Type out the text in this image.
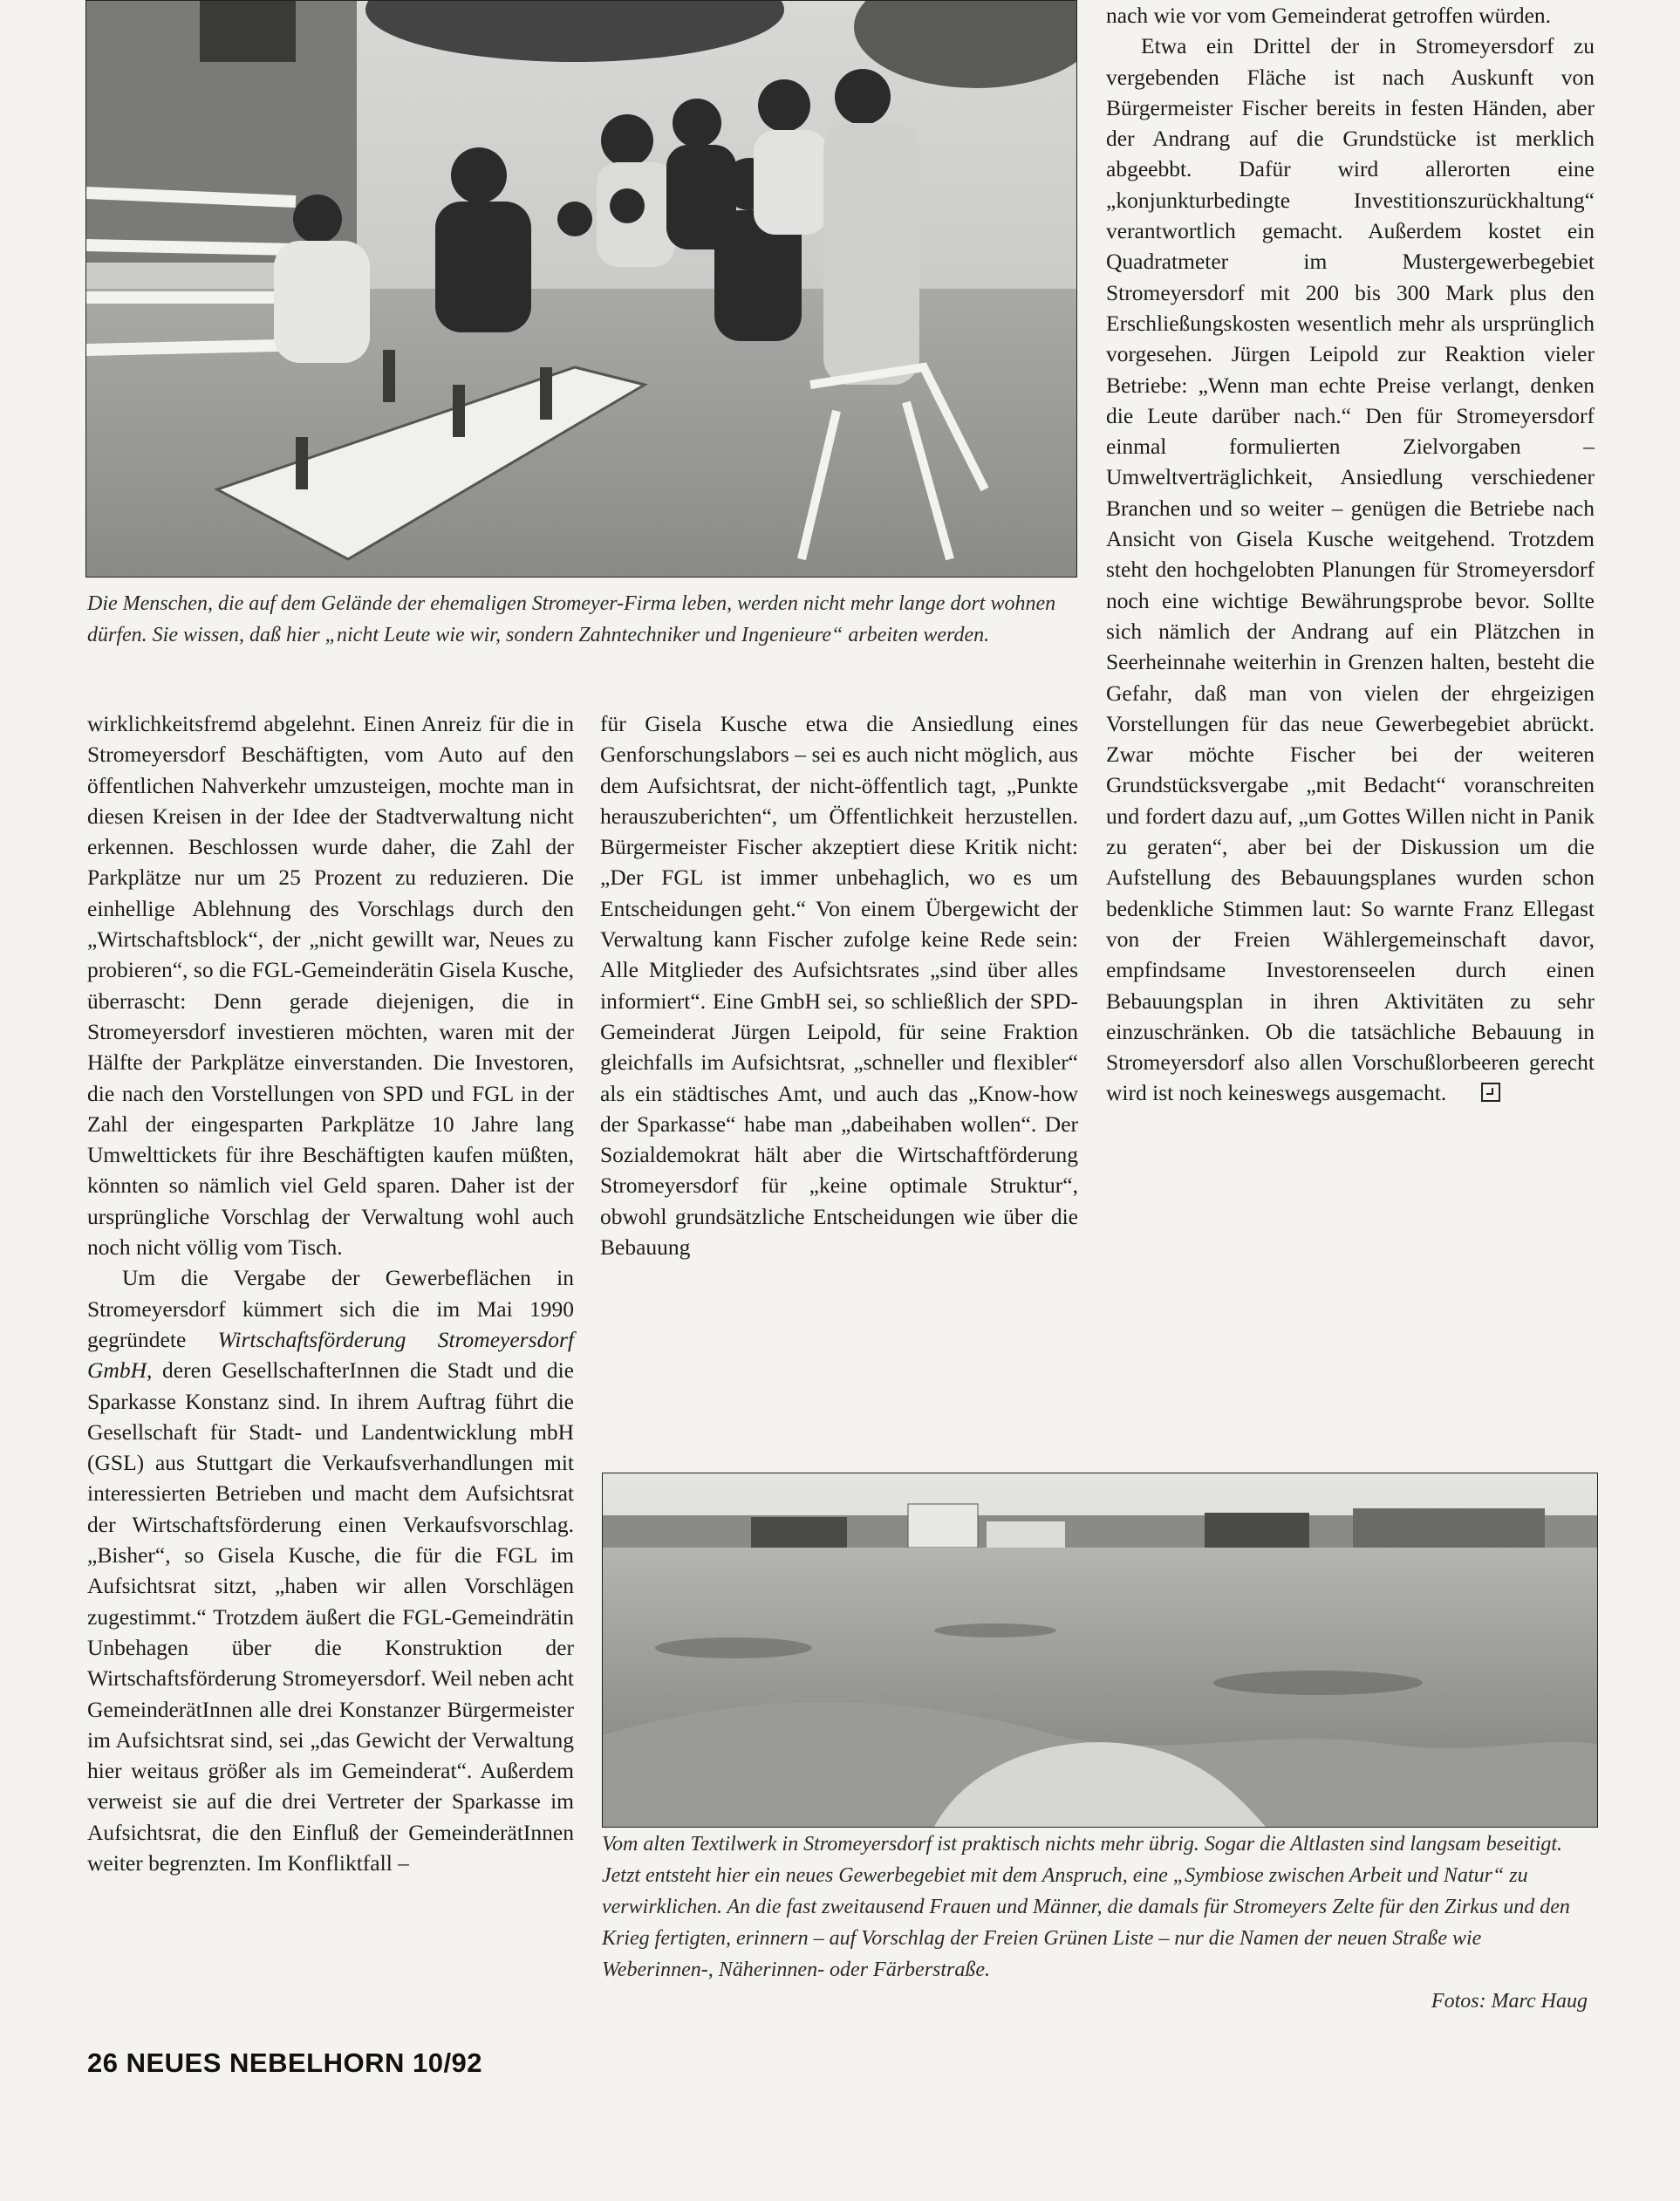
Die Menschen, die auf dem Gelände der ehemaligen Stromeyer-Firma leben, werden nicht mehr lange dort wohnen dürfen. Sie wissen, daß hier „nicht Leute wie wir, sondern Zahntechniker und Ingenieure“ arbeiten werden.

nach wie vor vom Gemeinderat getroffen würden.

Etwa ein Drittel der in Stromeyersdorf zu vergebenden Fläche ist nach Auskunft von Bürgermeister Fischer bereits in festen Händen, aber der Andrang auf die Grundstücke ist merklich abgeebbt. Dafür wird allerorten eine „konjunkturbedingte Investitionszurückhaltung“ verantwortlich gemacht. Außerdem kostet ein Quadratmeter im Mustergewerbegebiet Stromeyersdorf mit 200 bis 300 Mark plus den Erschließungskosten wesentlich mehr als ursprünglich vorgesehen. Jürgen Leipold zur Reaktion vieler Betriebe: „Wenn man echte Preise verlangt, denken die Leute darüber nach.“ Den für Stromeyersdorf einmal formulierten Zielvorgaben – Umweltverträglichkeit, Ansiedlung verschiedener Branchen und so weiter – genügen die Betriebe nach Ansicht von Gisela Kusche weitgehend. Trotzdem steht den hochgelobten Planungen für Stromeyersdorf noch eine wichtige Bewährungsprobe bevor. Sollte sich nämlich der Andrang auf ein Plätzchen in Seerheinnahe weiterhin in Grenzen halten, besteht die Gefahr, daß man von vielen der ehrgeizigen Vorstellungen für das neue Gewerbegebiet abrückt. Zwar möchte Fischer bei der weiteren Grundstücksvergabe „mit Bedacht“ voranschreiten und fordert dazu auf, „um Gottes Willen nicht in Panik zu geraten“, aber bei der Diskussion um die Aufstellung des Bebauungsplanes wurden schon bedenkliche Stimmen laut: So warnte Franz Ellegast von der Freien Wählergemeinschaft davor, empfindsame Investorenseelen durch einen Bebauungsplan in ihren Aktivitäten zu sehr einzuschränken. Ob die tatsächliche Bebauung in Stromeyersdorf also allen Vorschußlorbeeren gerecht wird ist noch keineswegs ausgemacht.

wirklichkeitsfremd abgelehnt. Einen Anreiz für die in Stromeyersdorf Beschäftigten, vom Auto auf den öffentlichen Nahverkehr umzusteigen, mochte man in diesen Kreisen in der Idee der Stadtverwaltung nicht erkennen. Beschlossen wurde daher, die Zahl der Parkplätze nur um 25 Prozent zu reduzieren. Die einhellige Ablehnung des Vorschlags durch den „Wirtschaftsblock“, der „nicht gewillt war, Neues zu probieren“, so die FGL-Gemeinderätin Gisela Kusche, überrascht: Denn gerade diejenigen, die in Stromeyersdorf investieren möchten, waren mit der Hälfte der Parkplätze einverstanden. Die Investoren, die nach den Vorstellungen von SPD und FGL in der Zahl der eingesparten Parkplätze 10 Jahre lang Umwelttickets für ihre Beschäftigten kaufen müßten, könnten so nämlich viel Geld sparen. Daher ist der ursprüngliche Vorschlag der Verwaltung wohl auch noch nicht völlig vom Tisch.

Um die Vergabe der Gewerbeflächen in Stromeyersdorf kümmert sich die im Mai 1990 gegründete Wirtschaftsförderung Stromeyersdorf GmbH, deren GesellschafterInnen die Stadt und die Sparkasse Konstanz sind. In ihrem Auftrag führt die Gesellschaft für Stadt- und Landentwicklung mbH (GSL) aus Stuttgart die Verkaufsverhandlungen mit interessierten Betrieben und macht dem Aufsichtsrat der Wirtschaftsförderung einen Verkaufsvorschlag. „Bisher“, so Gisela Kusche, die für die FGL im Aufsichtsrat sitzt, „haben wir allen Vorschlägen zugestimmt.“ Trotzdem äußert die FGL-Gemeindrätin Unbehagen über die Konstruktion der Wirtschaftsförderung Stromeyersdorf. Weil neben acht GemeinderätInnen alle drei Konstanzer Bürgermeister im Aufsichtsrat sind, sei „das Gewicht der Verwaltung hier weitaus größer als im Gemeinderat“. Außerdem verweist sie auf die drei Vertreter der Sparkasse im Aufsichtsrat, die den Einfluß der GemeinderätInnen weiter begrenzten. Im Konfliktfall –

für Gisela Kusche etwa die Ansiedlung eines Genforschungslabors – sei es auch nicht möglich, aus dem Aufsichtsrat, der nicht-öffentlich tagt, „Punkte herauszuberichten“, um Öffentlichkeit herzustellen. Bürgermeister Fischer akzeptiert diese Kritik nicht: „Der FGL ist immer unbehaglich, wo es um Entscheidungen geht.“ Von einem Übergewicht der Verwaltung kann Fischer zufolge keine Rede sein: Alle Mitglieder des Aufsichtsrates „sind über alles informiert“. Eine GmbH sei, so schließlich der SPD-Gemeinderat Jürgen Leipold, für seine Fraktion gleichfalls im Aufsichtsrat, „schneller und flexibler“ als ein städtisches Amt, und auch das „Know-how der Sparkasse“ habe man „dabeihaben wollen“. Der Sozialdemokrat hält aber die Wirtschaftförderung Stromeyersdorf für „keine optimale Struktur“, obwohl grundsätzliche Entscheidungen wie über die Bebauung

Vom alten Textilwerk in Stromeyersdorf ist praktisch nichts mehr übrig. Sogar die Altlasten sind langsam beseitigt. Jetzt entsteht hier ein neues Gewerbegebiet mit dem Anspruch, eine „Symbiose zwischen Arbeit und Natur“ zu verwirklichen. An die fast zweitausend Frauen und Männer, die damals für Stromeyers Zelte für den Zirkus und den Krieg fertigten, erinnern – auf Vorschlag der Freien Grünen Liste – nur die Namen der neuen Straße wie Weberinnen-, Näherinnen- oder Färberstraße.
Fotos: Marc Haug
26 NEUES NEBELHORN 10/92
